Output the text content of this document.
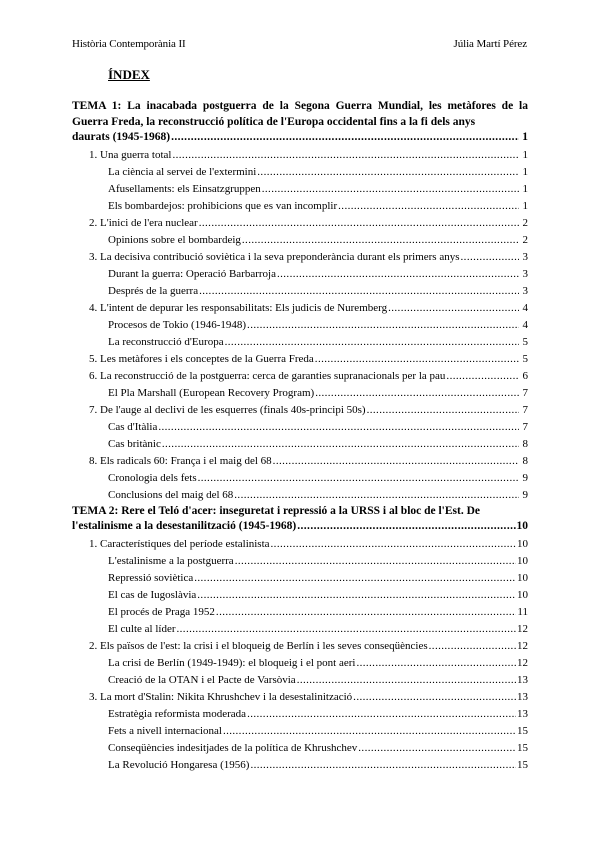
Història Contemporània II	Júlia Martí Pérez
ÍNDEX
TEMA 1: La inacabada postguerra de la Segona Guerra Mundial, les metàfores de la Guerra Freda, la reconstrucció política de l'Europa occidental fins a la fi dels anys
daurats (1945-1968) .....	1
1. Una guerra total .....	1
La ciència al servei de l'extermini .....	1
Afusellaments: els Einsatzgruppen .....	1
Els bombardejos: prohibicions que es van incomplir .....	1
2. L'inici de l'era nuclear .....	2
Opinions sobre el bombardeig .....	2
3. La decisiva contribució soviètica i la seva preponderància durant els primers anys .....	3
Durant la guerra: Operació Barbarroja .....	3
Després de la guerra .....	3
4. L'intent de depurar les responsabilitats: Els judicis de Nuremberg .....	4
Procesos de Tokio (1946-1948) .....	4
La reconstrucció d'Europa .....	5
5. Les metàfores i els conceptes de la Guerra Freda .....	5
6. La reconstrucció de la postguerra: cerca de garanties supranacionals per la pau .....	6
El Pla Marshall (European Recovery Program) .....	7
7. De l'auge al declivi de les esquerres (finals 40s-principi 50s) .....	7
Cas d'Itàlia .....	7
Cas britànic .....	8
8. Els radicals 60: França i el maig del 68 .....	8
Cronologia dels fets .....	9
Conclusions del maig del 68 .....	9
TEMA 2: Rere el Teló d'acer: inseguretat i repressió a la URSS i al bloc de l'Est. De
l'estalinisme a la desestanilització (1945-1968) .....	10
1. Característiques del període estalinista .....	10
L'estalinisme a la postguerra .....	10
Repressió soviètica .....	10
El cas de Iugoslàvia .....	10
El procés de Praga 1952 .....	11
El culte al líder .....	12
2. Els països de l'est: la crisi i el bloqueig de Berlín i les seves conseqüències .....	12
La crisi de Berlín (1949-1949): el bloqueig i el pont aeri .....	12
Creació de la OTAN i el Pacte de Varsòvia .....	13
3. La mort d'Stalin: Nikita Khrushchev i la desestalinització .....	13
Estratègia reformista moderada .....	13
Fets a nivell internacional .....	15
Conseqüències indesitjades de la política de Khrushchev .....	15
La Revolució Hongaresa (1956) .....	15
